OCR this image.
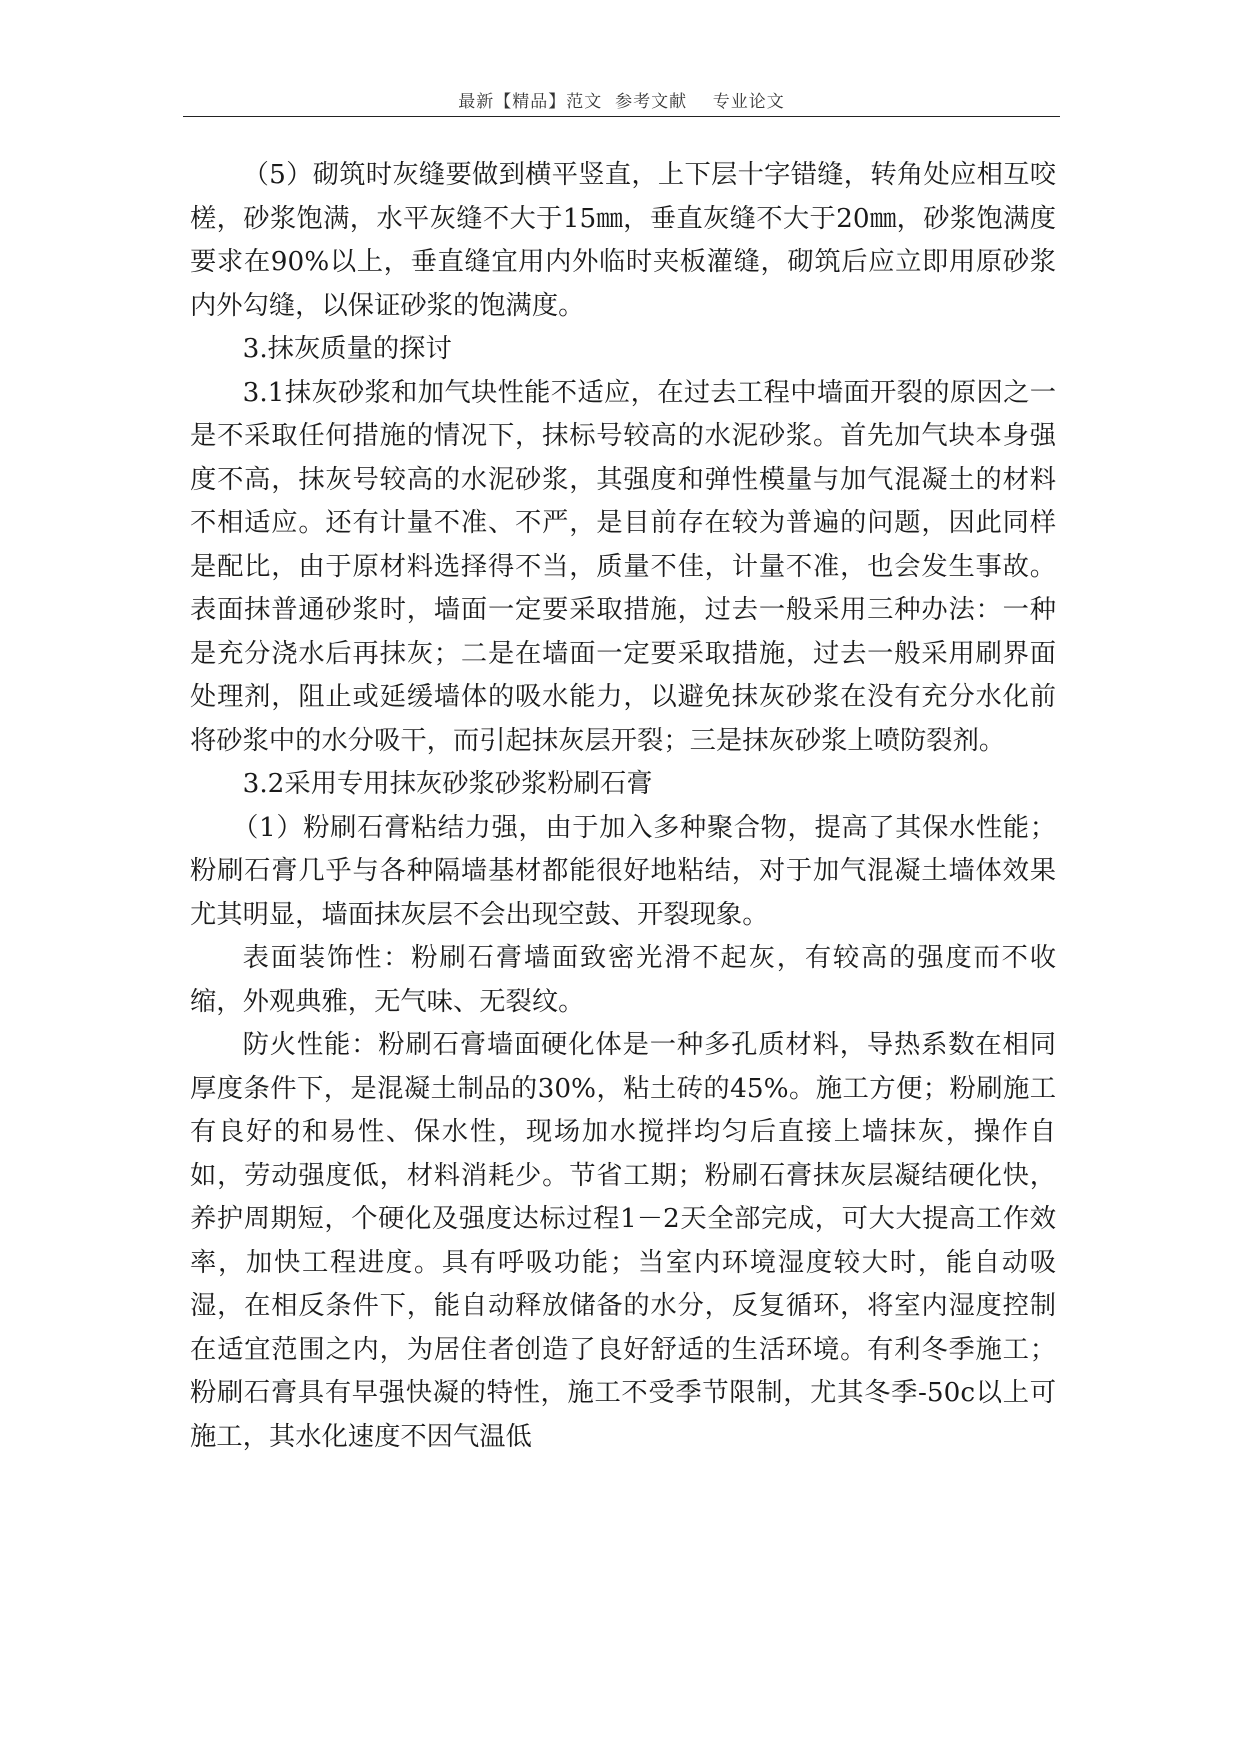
最新【精品】范文  参考文献    专业论文

（5）砌筑时灰缝要做到横平竖直，上下层十字错缝，转角处应相互咬槎，砂浆饱满，水平灰缝不大于15㎜，垂直灰缝不大于20㎜，砂浆饱满度要求在90%以上，垂直缝宜用内外临时夹板灌缝，砌筑后应立即用原砂浆内外勾缝，以保证砂浆的饱满度。

3.抹灰质量的探讨

3.1抹灰砂浆和加气块性能不适应，在过去工程中墙面开裂的原因之一是不采取任何措施的情况下，抹标号较高的水泥砂浆。首先加气块本身强度不高，抹灰号较高的水泥砂浆，其强度和弹性模量与加气混凝土的材料不相适应。还有计量不准、不严，是目前存在较为普遍的问题，因此同样是配比，由于原材料选择得不当，质量不佳，计量不准，也会发生事故。表面抹普通砂浆时，墙面一定要采取措施，过去一般采用三种办法：一种是充分浇水后再抹灰；二是在墙面一定要采取措施，过去一般采用刷界面处理剂，阻止或延缓墙体的吸水能力，以避免抹灰砂浆在没有充分水化前将砂浆中的水分吸干，而引起抹灰层开裂；三是抹灰砂浆上喷防裂剂。

3.2采用专用抹灰砂浆砂浆粉刷石膏

（1）粉刷石膏粘结力强，由于加入多种聚合物，提高了其保水性能；粉刷石膏几乎与各种隔墙基材都能很好地粘结，对于加气混凝土墙体效果尤其明显，墙面抹灰层不会出现空鼓、开裂现象。

表面装饰性：粉刷石膏墙面致密光滑不起灰，有较高的强度而不收缩，外观典雅，无气味、无裂纹。

防火性能：粉刷石膏墙面硬化体是一种多孔质材料，导热系数在相同厚度条件下，是混凝土制品的30%，粘土砖的45%。施工方便；粉刷施工有良好的和易性、保水性，现场加水搅拌均匀后直接上墙抹灰，操作自如，劳动强度低，材料消耗少。节省工期；粉刷石膏抹灰层凝结硬化快，养护周期短，个硬化及强度达标过程1－2天全部完成，可大大提高工作效率，加快工程进度。具有呼吸功能；当室内环境湿度较大时，能自动吸湿，在相反条件下，能自动释放储备的水分，反复循环，将室内湿度控制在适宜范围之内，为居住者创造了良好舒适的生活环境。有利冬季施工；粉刷石膏具有早强快凝的特性，施工不受季节限制，尤其冬季-50c以上可施工，其水化速度不因气温低
